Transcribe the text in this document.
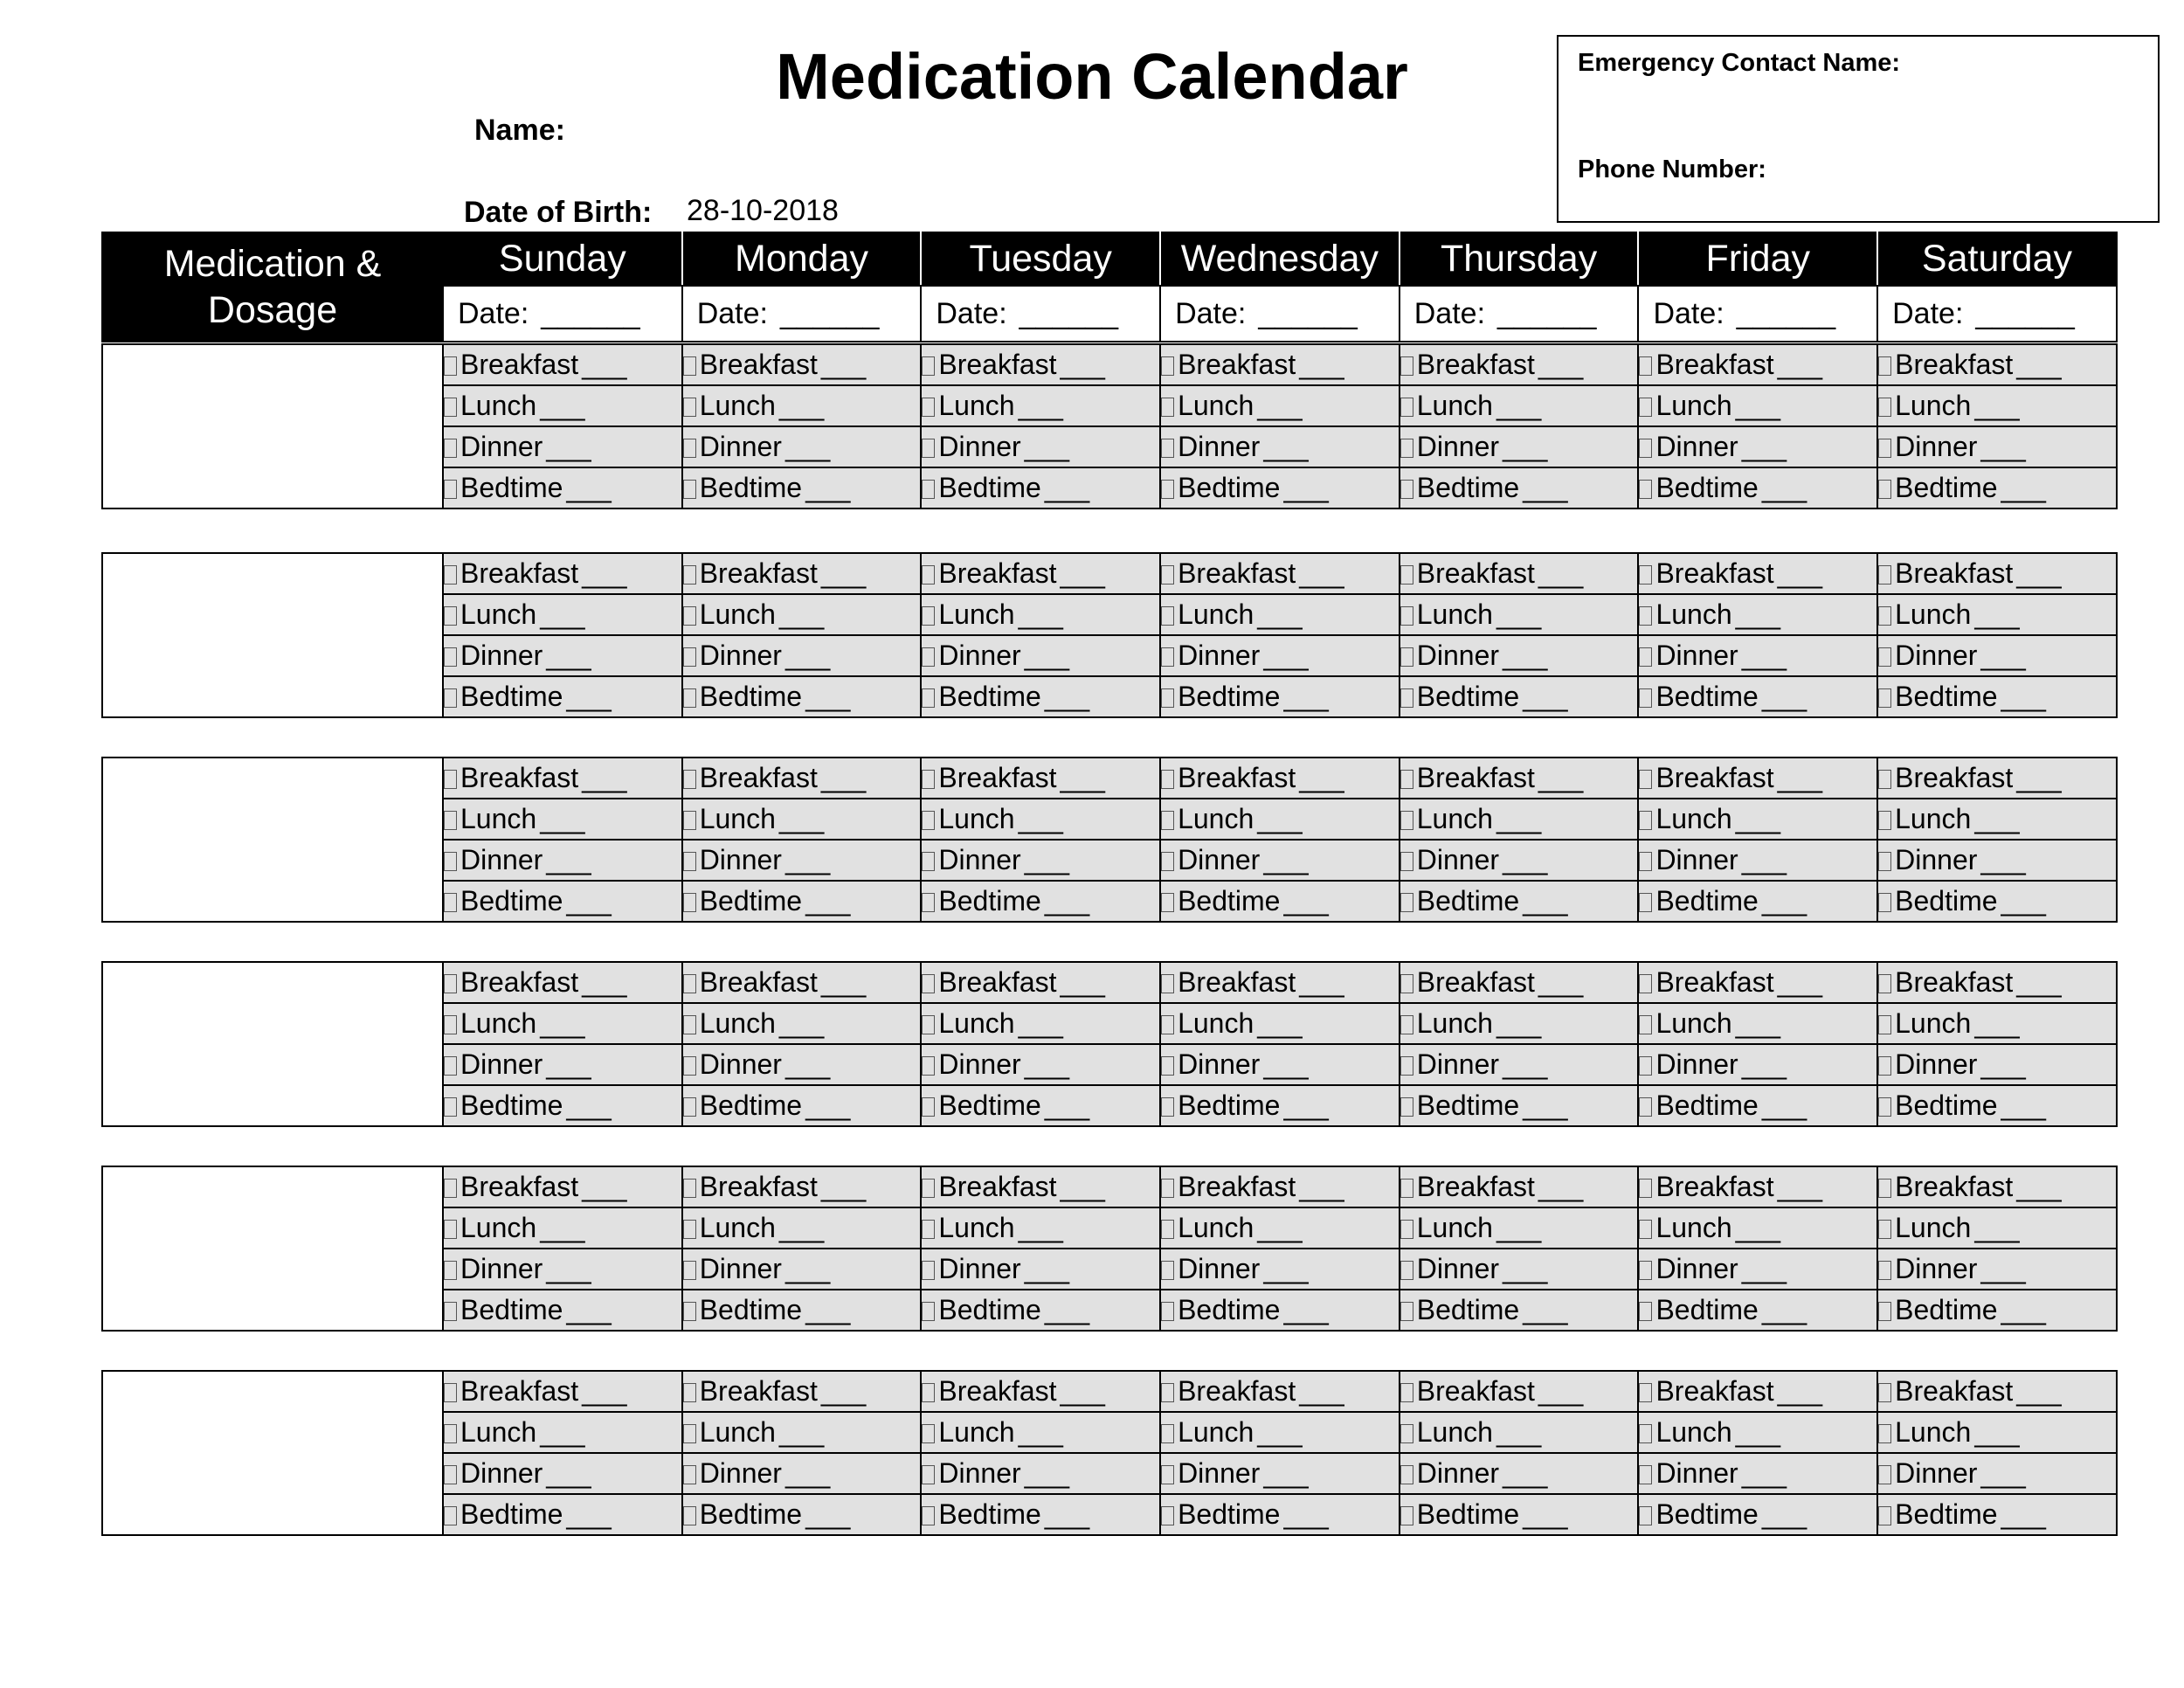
Medication Calendar
Name:
Date of Birth: 28-10-2018
Emergency Contact Name:
Phone Number:
Medication & Dosage	Sunday	Monday	Tuesday	Wednesday	Thursday	Friday	Saturday
	Date: ______	Date: ______	Date: ______	Date: ______	Date: ______	Date: ______	Date: ______
	Breakfast ___	Breakfast ___	Breakfast ___	Breakfast ___	Breakfast ___	Breakfast ___	Breakfast ___
	Lunch ___	Lunch ___	Lunch ___	Lunch ___	Lunch ___	Lunch ___	Lunch ___
	Dinner ___	Dinner ___	Dinner ___	Dinner ___	Dinner ___	Dinner ___	Dinner ___
	Bedtime ___	Bedtime ___	Bedtime ___	Bedtime ___	Bedtime ___	Bedtime ___	Bedtime ___
	Breakfast ___	Breakfast ___	Breakfast ___	Breakfast ___	Breakfast ___	Breakfast ___	Breakfast ___
	Lunch ___	Lunch ___	Lunch ___	Lunch ___	Lunch ___	Lunch ___	Lunch ___
	Dinner ___	Dinner ___	Dinner ___	Dinner ___	Dinner ___	Dinner ___	Dinner ___
	Bedtime ___	Bedtime ___	Bedtime ___	Bedtime ___	Bedtime ___	Bedtime ___	Bedtime ___
	Breakfast ___	Breakfast ___	Breakfast ___	Breakfast ___	Breakfast ___	Breakfast ___	Breakfast ___
	Lunch ___	Lunch ___	Lunch ___	Lunch ___	Lunch ___	Lunch ___	Lunch ___
	Dinner ___	Dinner ___	Dinner ___	Dinner ___	Dinner ___	Dinner ___	Dinner ___
	Bedtime ___	Bedtime ___	Bedtime ___	Bedtime ___	Bedtime ___	Bedtime ___	Bedtime ___
	Breakfast ___	Breakfast ___	Breakfast ___	Breakfast ___	Breakfast ___	Breakfast ___	Breakfast ___
	Lunch ___	Lunch ___	Lunch ___	Lunch ___	Lunch ___	Lunch ___	Lunch ___
	Dinner ___	Dinner ___	Dinner ___	Dinner ___	Dinner ___	Dinner ___	Dinner ___
	Bedtime ___	Bedtime ___	Bedtime ___	Bedtime ___	Bedtime ___	Bedtime ___	Bedtime ___
	Breakfast ___	Breakfast ___	Breakfast ___	Breakfast ___	Breakfast ___	Breakfast ___	Breakfast ___
	Lunch ___	Lunch ___	Lunch ___	Lunch ___	Lunch ___	Lunch ___	Lunch ___
	Dinner ___	Dinner ___	Dinner ___	Dinner ___	Dinner ___	Dinner ___	Dinner ___
	Bedtime ___	Bedtime ___	Bedtime ___	Bedtime ___	Bedtime ___	Bedtime ___	Bedtime ___
	Breakfast ___	Breakfast ___	Breakfast ___	Breakfast ___	Breakfast ___	Breakfast ___	Breakfast ___
	Lunch ___	Lunch ___	Lunch ___	Lunch ___	Lunch ___	Lunch ___	Lunch ___
	Dinner ___	Dinner ___	Dinner ___	Dinner ___	Dinner ___	Dinner ___	Dinner ___
	Bedtime ___	Bedtime ___	Bedtime ___	Bedtime ___	Bedtime ___	Bedtime ___	Bedtime ___
